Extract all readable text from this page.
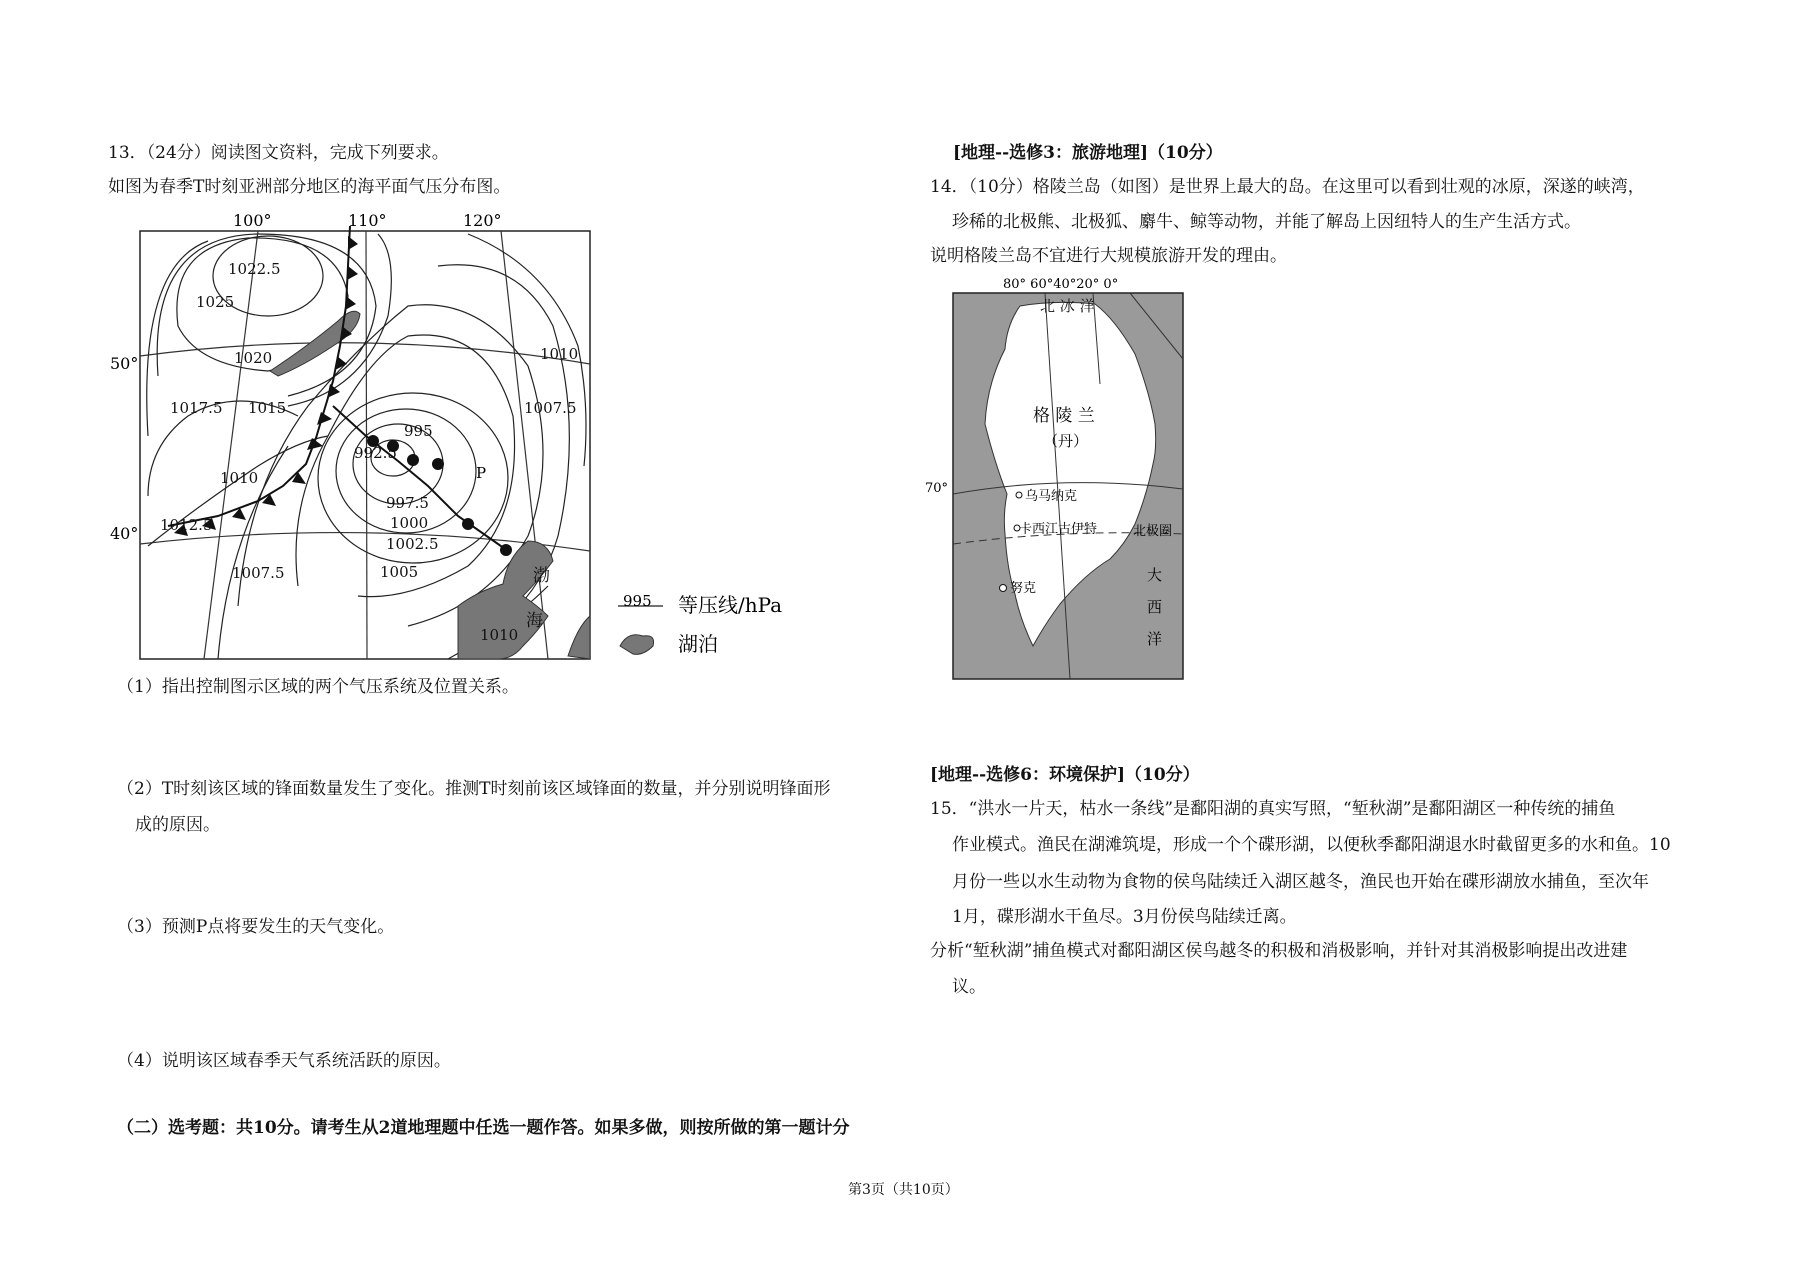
13．（24分）阅读图文资料，完成下列要求。
如图为春季T时刻亚洲部分地区的海平面气压分布图。
100°	110°	120°
50°
40°
1022.5
1025
1020
1017.5 1015
1010
1012.5
1007.5
995
992.5
997.5
1000
1002.5
1005
1010
1007.5
1010
P
渤
海
995 等压线/hPa
湖泊
（1）指出控制图示区域的两个气压系统及位置关系。
（2）T时刻该区域的锋面数量发生了变化。推测T时刻前该区域锋面的数量，并分别说明锋面形
成的原因。
（3）预测P点将要发生的天气变化。
（4）说明该区域春季天气系统活跃的原因。
（二）选考题：共10分。请考生从2道地理题中任选一题作答。如果多做，则按所做的第一题计分
[地理--选修3：旅游地理]（10分）
14．（10分）格陵兰岛（如图）是世界上最大的岛。在这里可以看到壮观的冰原，深遂的峡湾，
珍稀的北极熊、北极狐、麝牛、鲸等动物，并能了解岛上因纽特人的生产生活方式。
说明格陵兰岛不宜进行大规模旅游开发的理由。
80° 60°40°20° 0°
北 冰 洋
格 陵 兰
（丹）
70°
乌马纳克
卡西江古伊特	北极圈
努克
大
西
洋
[地理--选修6：环境保护]（10分）
15．“洪水一片天，枯水一条线”是鄱阳湖的真实写照，“堑秋湖”是鄱阳湖区一种传统的捕鱼
作业模式。渔民在湖滩筑堤，形成一个个碟形湖，以便秋季鄱阳湖退水时截留更多的水和鱼。10
月份一些以水生动物为食物的侯鸟陆续迁入湖区越冬，渔民也开始在碟形湖放水捕鱼，至次年
1月，碟形湖水干鱼尽。3月份侯鸟陆续迁离。
分析“堑秋湖”捕鱼模式对鄱阳湖区侯鸟越冬的积极和消极影响，并针对其消极影响提出改进建
议。
第3页（共10页）
